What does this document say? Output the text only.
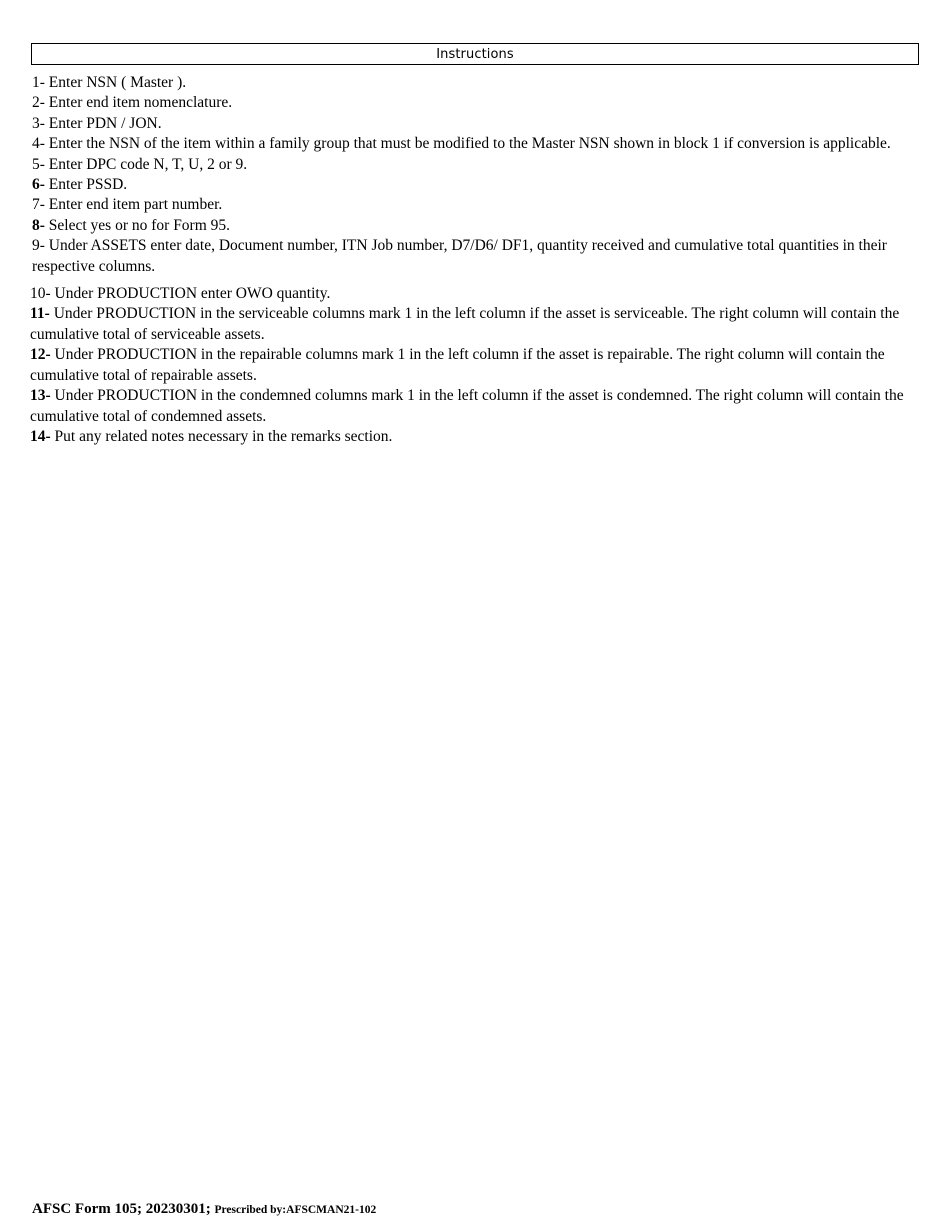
Instructions
1- Enter NSN ( Master ).
2- Enter end item nomenclature.
3- Enter PDN / JON.
4- Enter the NSN of the item within a family group that must be modified to the Master NSN shown in block 1 if conversion is applicable.
5- Enter DPC code N, T, U, 2 or 9.
6- Enter PSSD.
7- Enter end item part number.
8- Select yes or no for Form 95.
9- Under ASSETS enter date, Document number, ITN Job number, D7/D6/ DF1, quantity received and cumulative total quantities in their respective columns.
10- Under PRODUCTION enter OWO quantity.
11- Under PRODUCTION in the serviceable columns mark 1 in the left column if the asset is serviceable. The right column will contain the cumulative total of serviceable assets.
12- Under PRODUCTION in the repairable columns mark 1 in the left column if the asset is repairable. The right column will contain the cumulative total of repairable assets.
13- Under PRODUCTION in the condemned columns mark 1 in the left column if the asset is condemned. The right column will contain the cumulative total of condemned assets.
14- Put any related notes necessary in the remarks section.
AFSC Form 105; 20230301; Prescribed by:AFSCMAN21-102
